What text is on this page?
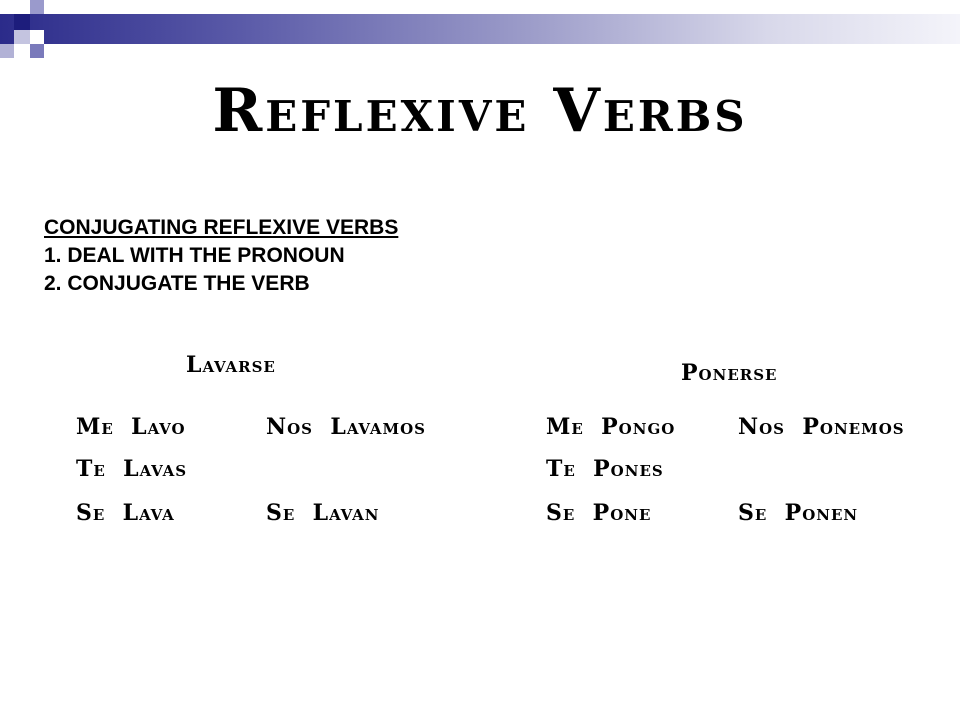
Reflexive Verbs
CONJUGATING REFLEXIVE VERBS
1. DEAL WITH THE PRONOUN
2. CONJUGATE THE VERB
Lavarse
Me Lavo	Nos Lavamos
Te Lavas
Se Lava	Se Lavan
Ponerse
Me Pongo	Nos Ponemos
Te Pones
Se Pone	Se Ponen
